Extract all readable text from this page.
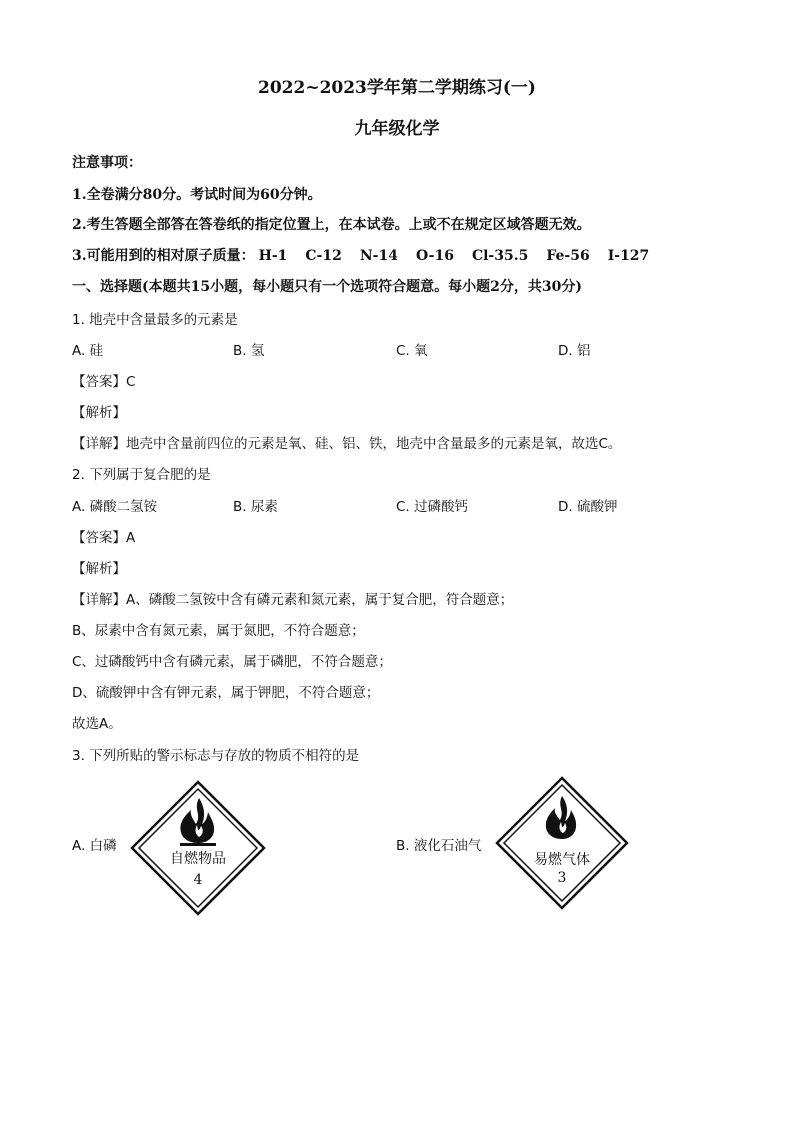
2022~2023学年第二学期练习(一)
九年级化学
注意事项：
1.全卷满分80分。考试时间为60分钟。
2.考生答题全部答在答卷纸的指定位置上，在本试卷。上或不在规定区域答题无效。
3.可能用到的相对原子质量： H-1 C-12 N-14 O-16 Cl-35.5 Fe-56 I-127
一、选择题(本题共15小题，每小题只有一个选项符合题意。每小题2分，共30分)
1. 地壳中含量最多的元素是
A. 硅	B. 氢	C. 氧	D. 铝
【答案】C
【解析】
【详解】地壳中含量前四位的元素是氧、硅、铝、铁，地壳中含量最多的元素是氧，故选C。
2. 下列属于复合肥的是
A. 磷酸二氢铵	B. 尿素	C. 过磷酸钙	D. 硫酸钾
【答案】A
【解析】
【详解】A、磷酸二氢铵中含有磷元素和氮元素，属于复合肥，符合题意；
B、尿素中含有氮元素，属于氮肥，不符合题意；
C、过磷酸钙中含有磷元素，属于磷肥，不符合题意；
D、硫酸钾中含有钾元素，属于钾肥，不符合题意；
故选A。
3. 下列所贴的警示标志与存放的物质不相符的是
A. 白磷
自燃物品
4
B. 液化石油气
易燃气体
3
